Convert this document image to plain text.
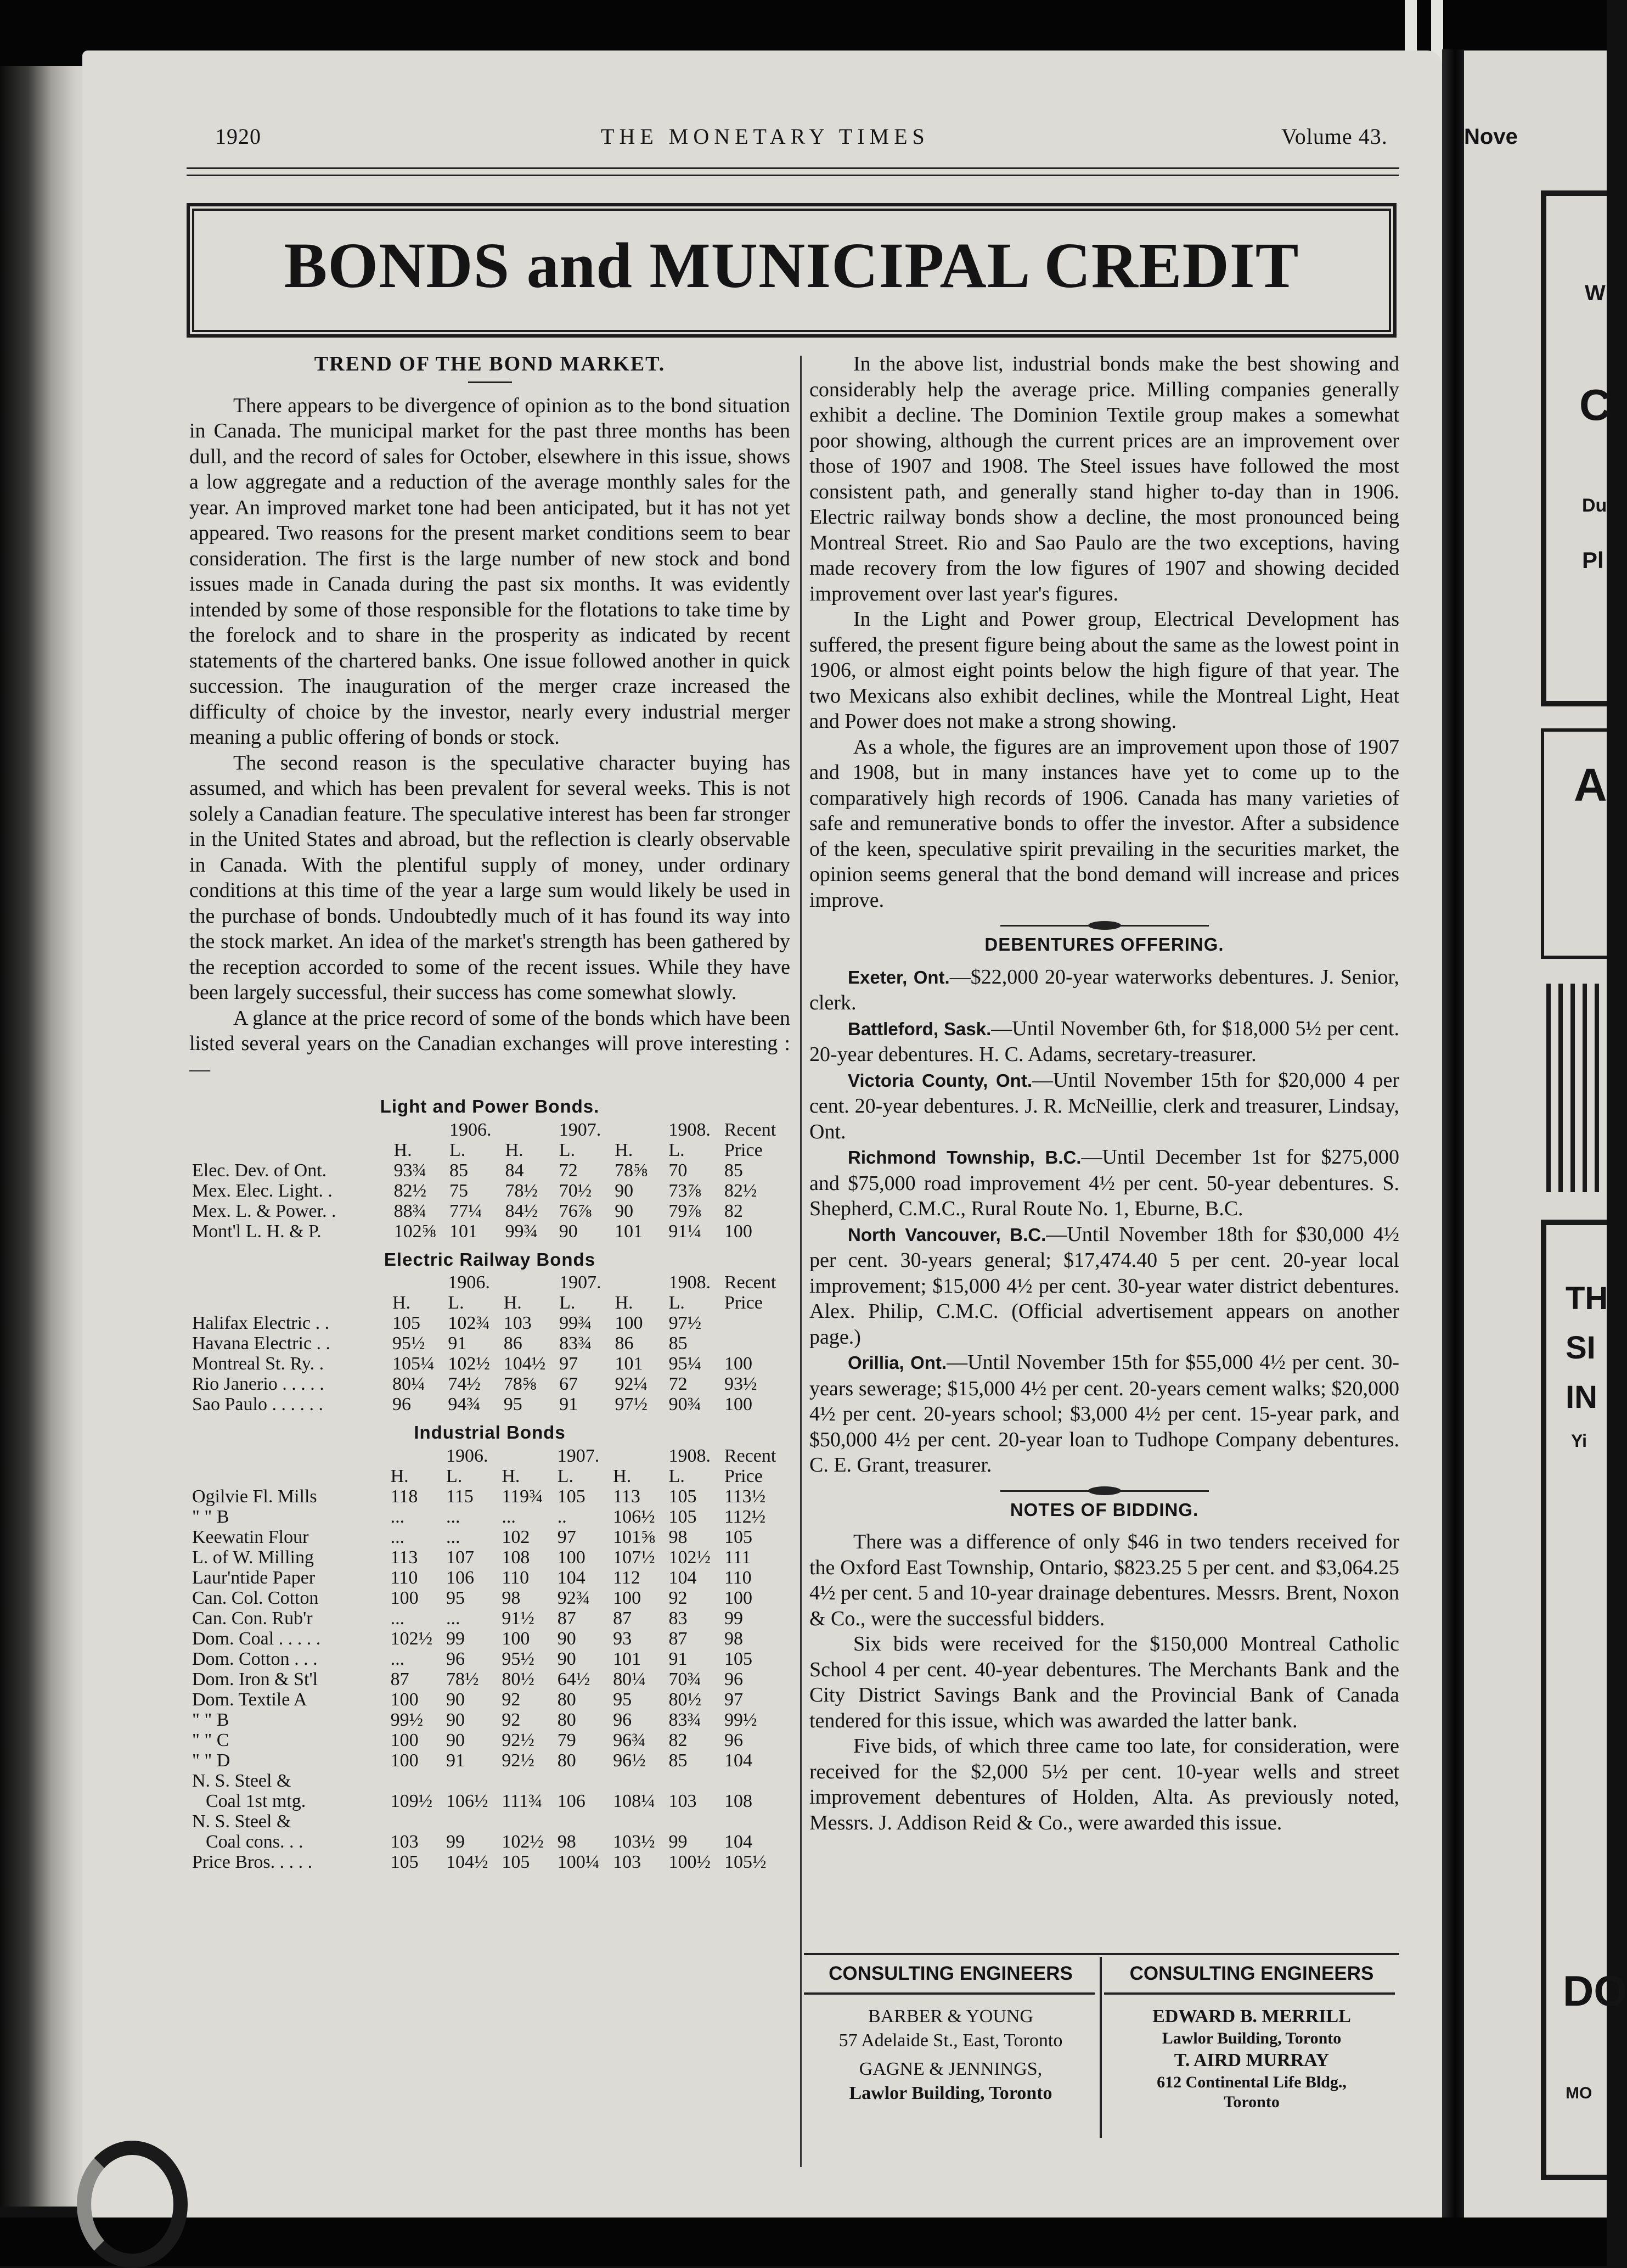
Nove
W
C
Du
Pl
A
TH
SI
IN
Yi
DO
MO
1920	THE MONETARY TIMES	Volume 43.
BONDS and MUNICIPAL CREDIT
TREND OF THE BOND MARKET.

There appears to be divergence of opinion as to the bond situation in Canada. The municipal market for the past three months has been dull, and the record of sales for October, elsewhere in this issue, shows a low aggregate and a reduction of the average monthly sales for the year. An improved market tone had been anticipated, but it has not yet appeared. Two reasons for the present market conditions seem to bear consideration. The first is the large number of new stock and bond issues made in Canada during the past six months. It was evidently intended by some of those responsible for the flotations to take time by the forelock and to share in the prosperity as indicated by recent statements of the chartered banks. One issue followed another in quick succession. The inauguration of the merger craze increased the difficulty of choice by the investor, nearly every industrial merger meaning a public offering of bonds or stock.

The second reason is the speculative character buying has assumed, and which has been prevalent for several weeks. This is not solely a Canadian feature. The speculative interest has been far stronger in the United States and abroad, but the reflection is clearly observable in Canada. With the plentiful supply of money, under ordinary conditions at this time of the year a large sum would likely be used in the purchase of bonds. Undoubtedly much of it has found its way into the stock market. An idea of the market's strength has been gathered by the reception accorded to some of the recent issues. While they have been largely successful, their success has come somewhat slowly.

A glance at the price record of some of the bonds which have been listed several years on the Canadian exchanges will prove interesting :—

Light and Power Bonds.
		1906.		1907.		1908.	Recent
	H.	L.	H.	L.	H.	L.	Price
Elec. Dev. of Ont.	93¾	85	84	72	78⅝	70	85
Mex. Elec. Light. .	82½	75	78½	70½	90	73⅞	82½
Mex. L. & Power. .	88¾	77¼	84½	76⅞	90	79⅞	82
Mont'l L. H. & P.	102⅝	101	99¾	90	101	91¼	100
Electric Railway Bonds
		1906.		1907.		1908.	Recent
	H.	L.	H.	L.	H.	L.	Price
Halifax Electric . .	105	102¾	103	99¾	100	97½	
Havana Electric . .	95½	91	86	83¾	86	85	
Montreal St. Ry. .	105¼	102½	104½	97	101	95¼	100
Rio Janerio . . . . .	80¼	74½	78⅝	67	92¼	72	93½
Sao Paulo . . . . . .	96	94¾	95	91	97½	90¾	100
Industrial Bonds
		1906.		1907.		1908.	Recent
	H.	L.	H.	L.	H.	L.	Price
Ogilvie Fl. Mills	118	115	119¾	105	113	105	113½
" " B	...	...	...	..	106½	105	112½
Keewatin Flour	...	...	102	97	101⅝	98	105
L. of W. Milling	113	107	108	100	107½	102½	111
Laur'ntide Paper	110	106	110	104	112	104	110
Can. Col. Cotton	100	95	98	92¾	100	92	100
Can. Con. Rub'r	...	...	91½	87	87	83	99
Dom. Coal . . . . .	102½	99	100	90	93	87	98
Dom. Cotton . . .	...	96	95½	90	101	91	105
Dom. Iron & St'l	87	78½	80½	64½	80¼	70¾	96
Dom. Textile A	100	90	92	80	95	80½	97
" " B	99½	90	92	80	96	83¾	99½
" " C	100	90	92½	79	96¾	82	96
" " D	100	91	92½	80	96½	85	104
N. S. Steel &							
Coal 1st mtg.	109½	106½	111¾	106	108¼	103	108
N. S. Steel &							
Coal cons. . .	103	99	102½	98	103½	99	104
Price Bros. . . . .	105	104½	105	100¼	103	100½	105½

In the above list, industrial bonds make the best showing and considerably help the average price. Milling companies generally exhibit a decline. The Dominion Textile group makes a somewhat poor showing, although the current prices are an improvement over those of 1907 and 1908. The Steel issues have followed the most consistent path, and generally stand higher to-day than in 1906. Electric railway bonds show a decline, the most pronounced being Montreal Street. Rio and Sao Paulo are the two exceptions, having made recovery from the low figures of 1907 and showing decided improvement over last year's figures.

In the Light and Power group, Electrical Development has suffered, the present figure being about the same as the lowest point in 1906, or almost eight points below the high figure of that year. The two Mexicans also exhibit declines, while the Montreal Light, Heat and Power does not make a strong showing.

As a whole, the figures are an improvement upon those of 1907 and 1908, but in many instances have yet to come up to the comparatively high records of 1906. Canada has many varieties of safe and remunerative bonds to offer the investor. After a subsidence of the keen, speculative spirit prevailing in the securities market, the opinion seems general that the bond demand will increase and prices improve.

DEBENTURES OFFERING.

Exeter, Ont.—$22,000 20-year waterworks debentures. J. Senior, clerk.

Battleford, Sask.—Until November 6th, for $18,000 5½ per cent. 20-year debentures. H. C. Adams, secretary-treasurer.

Victoria County, Ont.—Until November 15th for $20,000 4 per cent. 20-year debentures. J. R. McNeillie, clerk and treasurer, Lindsay, Ont.

Richmond Township, B.C.—Until December 1st for $275,000 and $75,000 road improvement 4½ per cent. 50-year debentures. S. Shepherd, C.M.C., Rural Route No. 1, Eburne, B.C.

North Vancouver, B.C.—Until November 18th for $30,000 4½ per cent. 30-years general; $17,474.40 5 per cent. 20-year local improvement; $15,000 4½ per cent. 30-year water district debentures. Alex. Philip, C.M.C. (Official advertisement appears on another page.)

Orillia, Ont.—Until November 15th for $55,000 4½ per cent. 30-years sewerage; $15,000 4½ per cent. 20-years cement walks; $20,000 4½ per cent. 20-years school; $3,000 4½ per cent. 15-year park, and $50,000 4½ per cent. 20-year loan to Tudhope Company debentures. C. E. Grant, treasurer.

NOTES OF BIDDING.

There was a difference of only $46 in two tenders received for the Oxford East Township, Ontario, $823.25 5 per cent. and $3,064.25 4½ per cent. 5 and 10-year drainage debentures. Messrs. Brent, Noxon & Co., were the successful bidders.

Six bids were received for the $150,000 Montreal Catholic School 4 per cent. 40-year debentures. The Merchants Bank and the City District Savings Bank and the Provincial Bank of Canada tendered for this issue, which was awarded the latter bank.

Five bids, of which three came too late, for consideration, were received for the $2,000 5½ per cent. 10-year wells and street improvement debentures of Holden, Alta. As previously noted, Messrs. J. Addison Reid & Co., were awarded this issue.

CONSULTING ENGINEERS
BARBER & YOUNG
57 Adelaide St., East, Toronto
GAGNE & JENNINGS,
Lawlor Building, Toronto
CONSULTING ENGINEERS
EDWARD B. MERRILL
Lawlor Building, Toronto
T. AIRD MURRAY
612 Continental Life Bldg.,
Toronto
